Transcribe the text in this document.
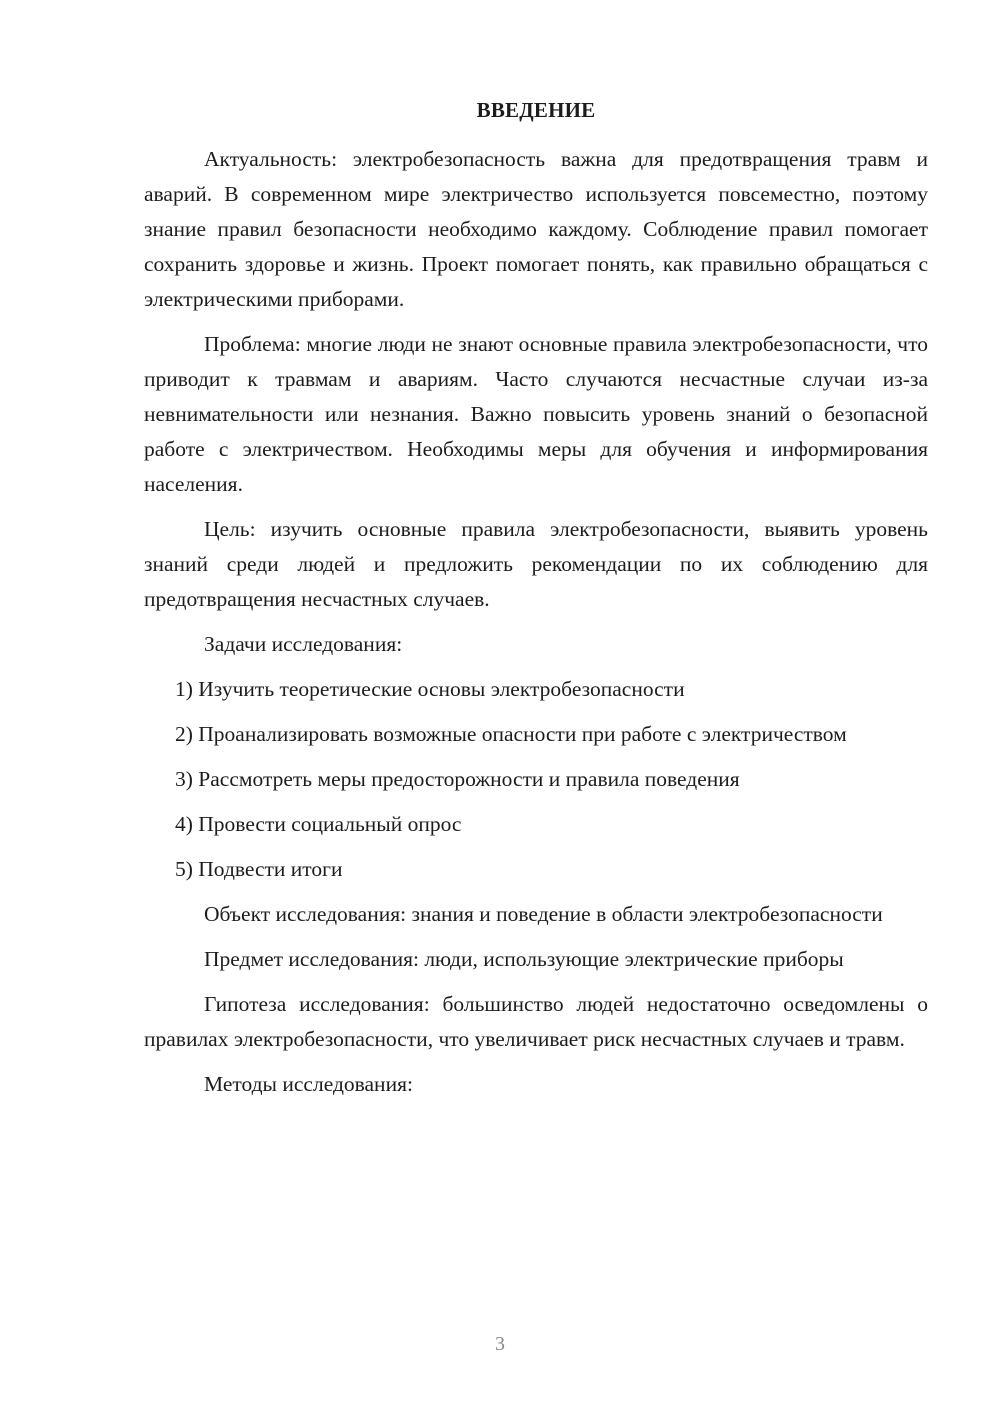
ВВЕДЕНИЕ

Актуальность: электробезопасность важна для предотвращения травм и аварий. В современном мире электричество используется повсеместно, поэтому знание правил безопасности необходимо каждому. Соблюдение правил помогает сохранить здоровье и жизнь. Проект помогает понять, как правильно обращаться с электрическими приборами.

Проблема: многие люди не знают основные правила электробезопасности, что приводит к травмам и авариям. Часто случаются несчастные случаи из-за невнимательности или незнания. Важно повысить уровень знаний о безопасной работе с электричеством. Необходимы меры для обучения и информирования населения.

Цель: изучить основные правила электробезопасности, выявить уровень знаний среди людей и предложить рекомендации по их соблюдению для предотвращения несчастных случаев.

Задачи исследования:

1) Изучить теоретические основы электробезопасности

2) Проанализировать возможные опасности при работе с электричеством

3) Рассмотреть меры предосторожности и правила поведения

4) Провести социальный опрос

5) Подвести итоги

Объект исследования: знания и поведение в области электробезопасности

Предмет исследования: люди, использующие электрические приборы

Гипотеза исследования: большинство людей недостаточно осведомлены о правилах электробезопасности, что увеличивает риск несчастных случаев и травм.

Методы исследования:

3
